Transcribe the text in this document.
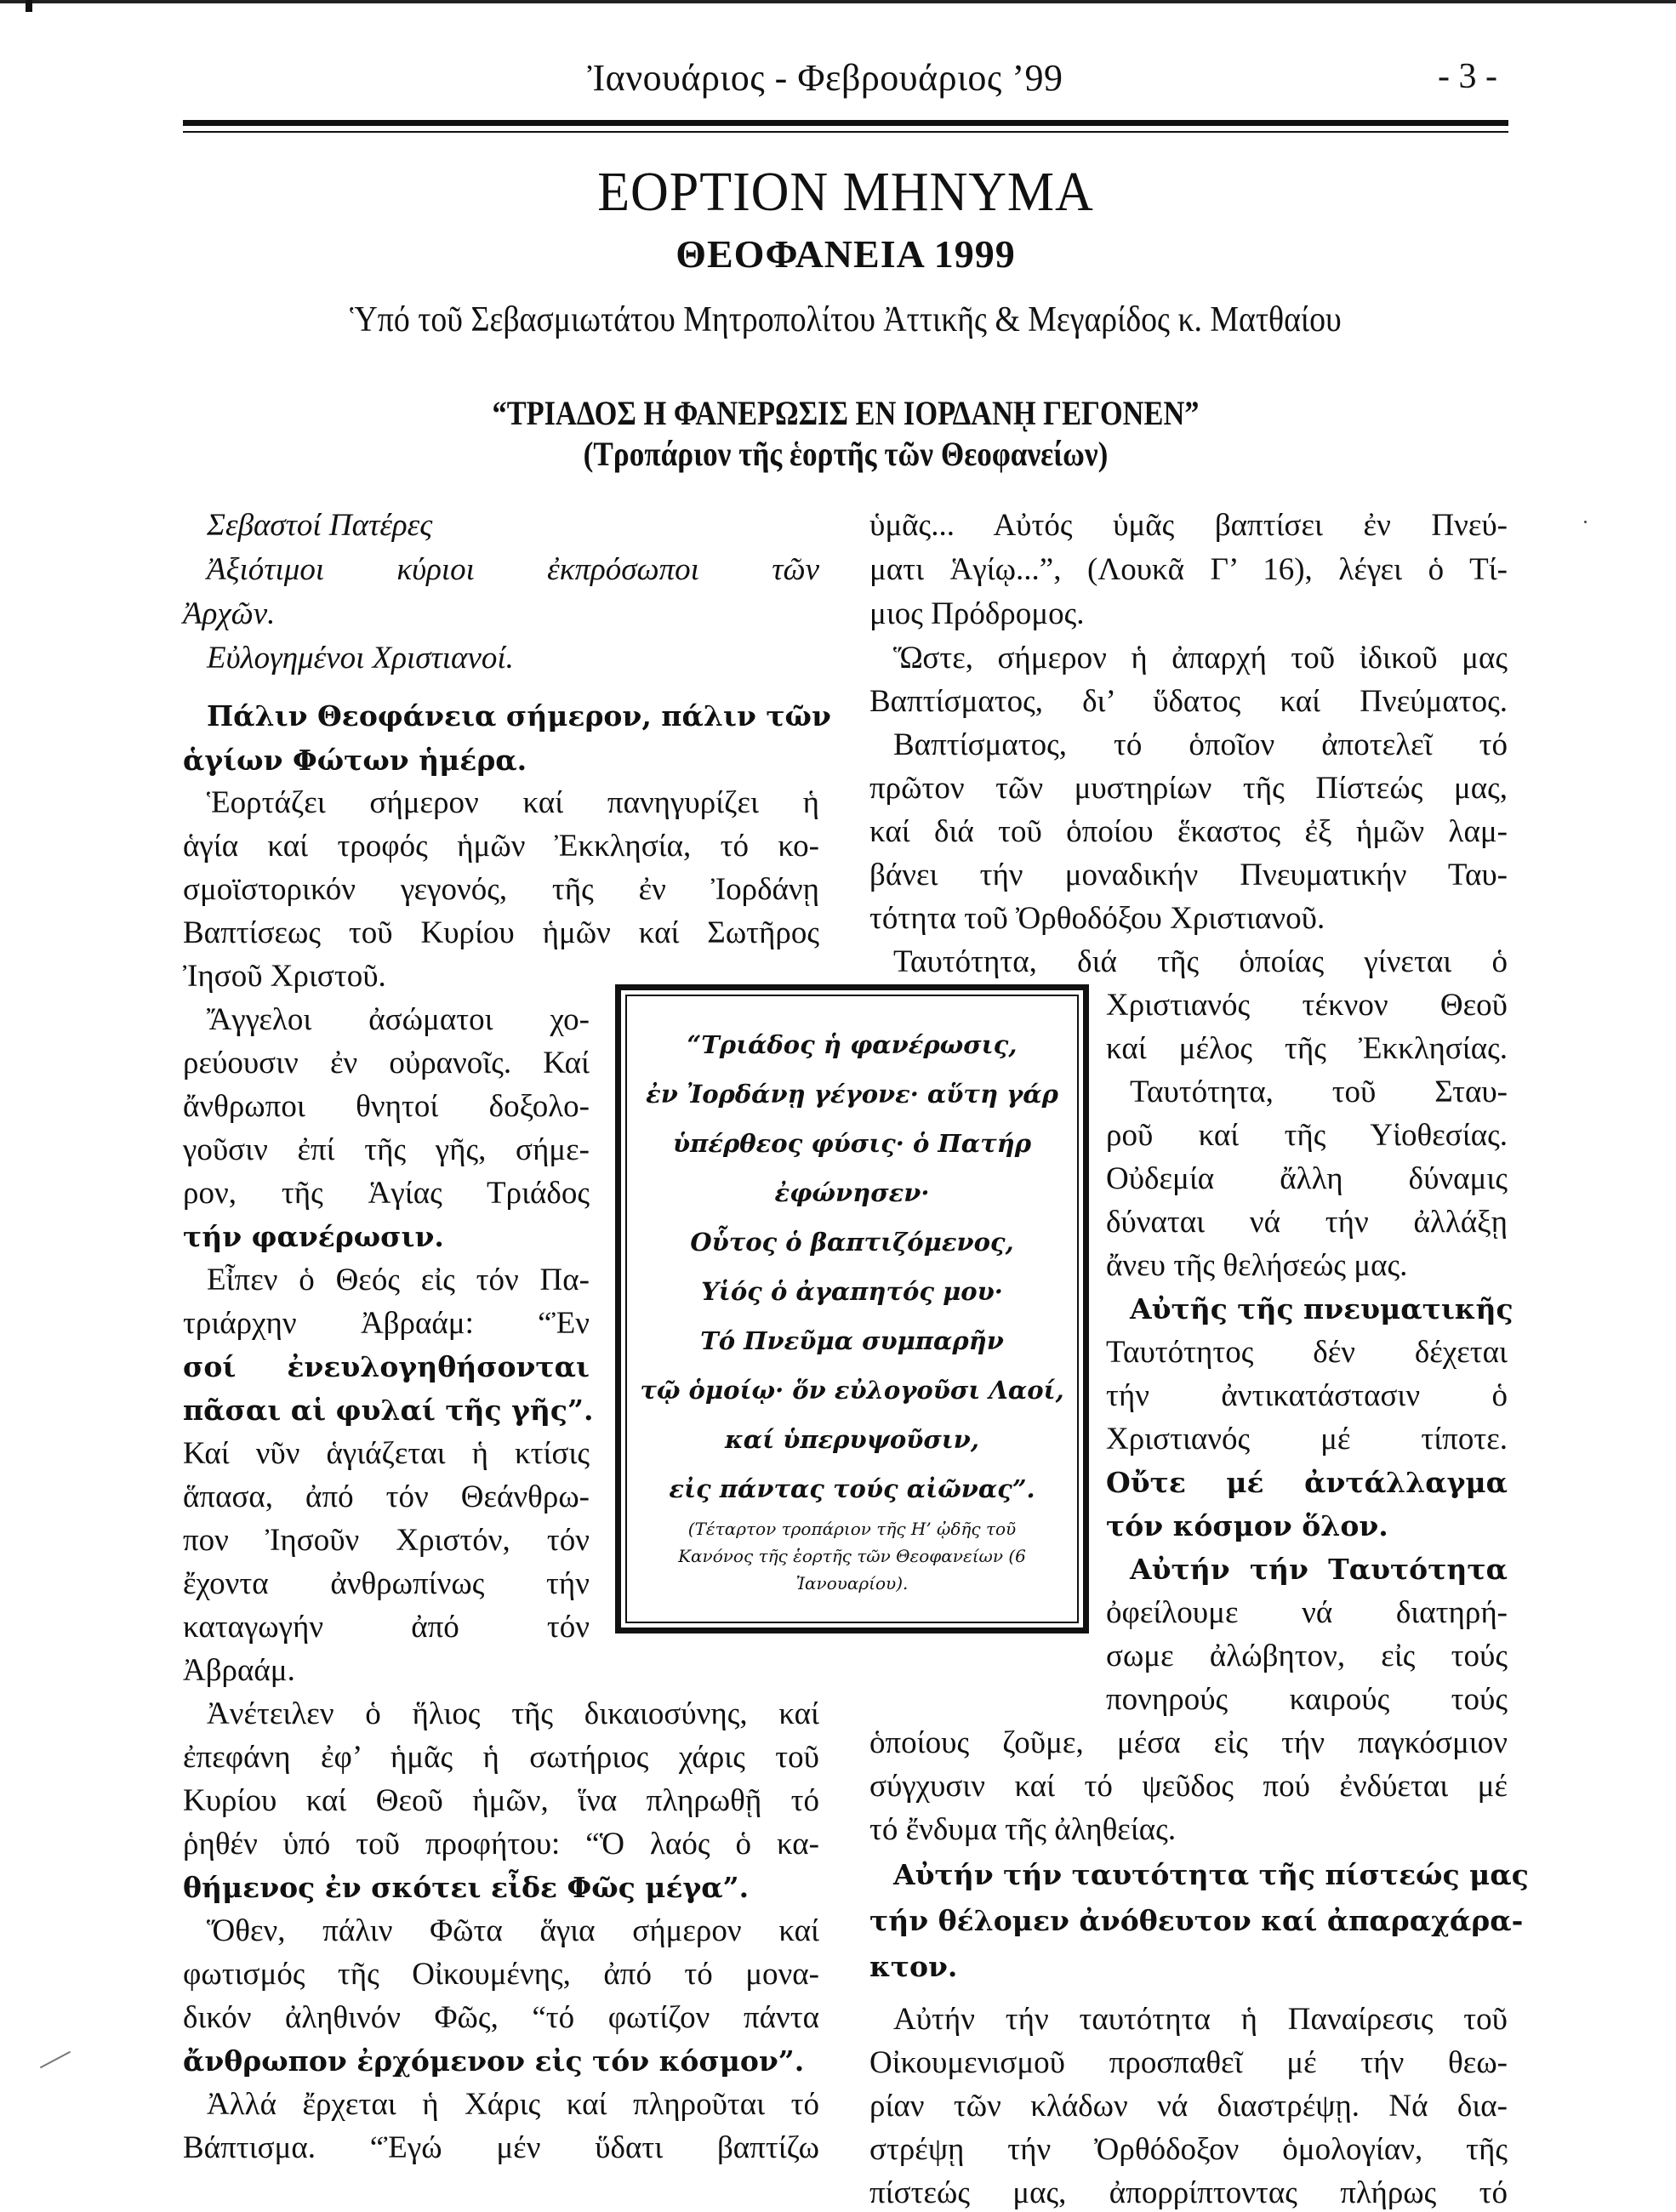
Ἰανουάριος - Φεβρουάριος ’99	- 3 -
ΕΟΡΤΙΟΝ ΜΗΝΥΜΑ
ΘΕΟΦΑΝΕΙΑ 1999
Ὑπό τοῦ Σεβασμιωτάτου Μητροπολίτου Ἀττικῆς & Μεγαρίδος κ. Ματθαίου
“ΤΡΙΑΔΟΣ Η ΦΑΝΕΡΩΣΙΣ ΕΝ ΙΟΡΔΑΝῌ ΓΕΓΟΝΕΝ”
(Τροπάριον τῆς ἑορτῆς τῶν Θεοφανείων)
Σεβαστοί Πατέρες
Ἀξιότιμοι κύριοι ἐκπρόσωποι τῶν
Ἀρχῶν.
Εὐλογημένοι Χριστιανοί.
Πάλιν Θεοφάνεια σήμερον, πάλιν τῶν
ἁγίων Φώτων ἡμέρα.
Ἑορτάζει σήμερον καί πανηγυρίζει ἡ
ἁγία καί τροφός ἡμῶν Ἐκκλησία, τό κο-
σμοϊστορικόν γεγονός, τῆς ἐν Ἰορδάνῃ
Βαπτίσεως τοῦ Κυρίου ἡμῶν καί Σωτῆρος
Ἰησοῦ Χριστοῦ.
Ἄγγελοι ἀσώματοι χο-
ρεύουσιν ἐν οὐρανοῖς. Καί
ἄνθρωποι θνητοί δοξολο-
γοῦσιν ἐπί τῆς γῆς, σήμε-
ρον, τῆς Ἁγίας Τριάδος
τήν φανέρωσιν.
Εἶπεν ὁ Θεός εἰς τόν Πα-
τριάρχην Ἀβραάμ: “Ἐν
σοί ἐνευλογηθήσονται
πᾶσαι αἱ φυλαί τῆς γῆς”.
Καί νῦν ἁγιάζεται ἡ κτίσις
ἅπασα, ἀπό τόν Θεάνθρω-
πον Ἰησοῦν Χριστόν, τόν
ἔχοντα ἀνθρωπίνως τήν
καταγωγήν ἀπό τόν
Ἀβραάμ.
Ἀνέτειλεν ὁ ἥλιος τῆς δικαιοσύνης, καί
ἐπεφάνη ἐφ’ ἡμᾶς ἡ σωτήριος χάρις τοῦ
Κυρίου καί Θεοῦ ἡμῶν, ἵνα πληρωθῇ τό
ῥηθέν ὑπό τοῦ προφήτου: “Ὁ λαός ὁ κα-
θήμενος ἐν σκότει εἶδε Φῶς μέγα”.
Ὅθεν, πάλιν Φῶτα ἅγια σήμερον καί
φωτισμός τῆς Οἰκουμένης, ἀπό τό μονα-
δικόν ἀληθινόν Φῶς, “τό φωτίζον πάντα
ἄνθρωπον ἐρχόμενον εἰς τόν κόσμον”.
Ἀλλά ἔρχεται ἡ Χάρις καί πληροῦται τό
Βάπτισμα. “Ἐγώ μέν ὕδατι βαπτίζω
“Τριάδος ἡ φανέρωσις,
ἐν Ἰορδάνῃ γέγονε· αὕτη γάρ
ὑπέρθεος φύσις· ὁ Πατήρ
ἐφώνησεν·
Οὗτος ὁ βαπτιζόμενος,
Υἱός ὁ ἀγαπητός μου·
Τό Πνεῦμα συμπαρῆν
τῷ ὁμοίῳ· ὅν εὐλογοῦσι Λαοί,
καί ὑπερυψοῦσιν,
εἰς πάντας τούς αἰῶνας”.
(Τέταρτον τροπάριον τῆς Η’ ᾠδῆς τοῦ
Κανόνος τῆς ἑορτῆς τῶν Θεοφανείων (6
Ἰανουαρίου).
ὑμᾶς... Αὐτός ὑμᾶς βαπτίσει ἐν Πνεύ-
ματι Ἁγίῳ...”, (Λουκᾶ Γ’ 16), λέγει ὁ Τί-
μιος Πρόδρομος.
Ὥστε, σήμερον ἡ ἀπαρχή τοῦ ἰδικοῦ μας
Βαπτίσματος, δι’ ὕδατος καί Πνεύματος.
Βαπτίσματος, τό ὁποῖον ἀποτελεῖ τό
πρῶτον τῶν μυστηρίων τῆς Πίστεώς μας,
καί διά τοῦ ὁποίου ἕκαστος ἐξ ἡμῶν λαμ-
βάνει τήν μοναδικήν Πνευματικήν Ταυ-
τότητα τοῦ Ὀρθοδόξου Χριστιανοῦ.
Ταυτότητα, διά τῆς ὁποίας γίνεται ὁ
Χριστιανός τέκνον Θεοῦ
καί μέλος τῆς Ἐκκλησίας.
Ταυτότητα, τοῦ Σταυ-
ροῦ καί τῆς Υἱοθεσίας.
Οὐδεμία ἄλλη δύναμις
δύναται νά τήν ἀλλάξῃ
ἄνευ τῆς θελήσεώς μας.
Αὐτῆς τῆς πνευματικῆς
Ταυτότητος δέν δέχεται
τήν ἀντικατάστασιν ὁ
Χριστιανός μέ τίποτε.
Οὔτε μέ ἀντάλλαγμα
τόν κόσμον ὅλον.
Αὐτήν τήν Ταυτότητα
ὀφείλουμε νά διατηρή-
σωμε ἀλώβητον, εἰς τούς
πονηρούς καιρούς τούς
ὁποίους ζοῦμε, μέσα εἰς τήν παγκόσμιον
σύγχυσιν καί τό ψεῦδος πού ἐνδύεται μέ
τό ἔνδυμα τῆς ἀληθείας.
Αὐτήν τήν ταυτότητα τῆς πίστεώς μας
τήν θέλομεν ἀνόθευτον καί ἀπαραχάρα-
κτον.
Αὐτήν τήν ταυτότητα ἡ Παναίρεσις τοῦ
Οἰκουμενισμοῦ προσπαθεῖ μέ τήν θεω-
ρίαν τῶν κλάδων νά διαστρέψῃ. Νά δια-
στρέψῃ τήν Ὀρθόδοξον ὁμολογίαν, τῆς
πίστεώς μας, ἀπορρίπτοντας πλήρως τό
